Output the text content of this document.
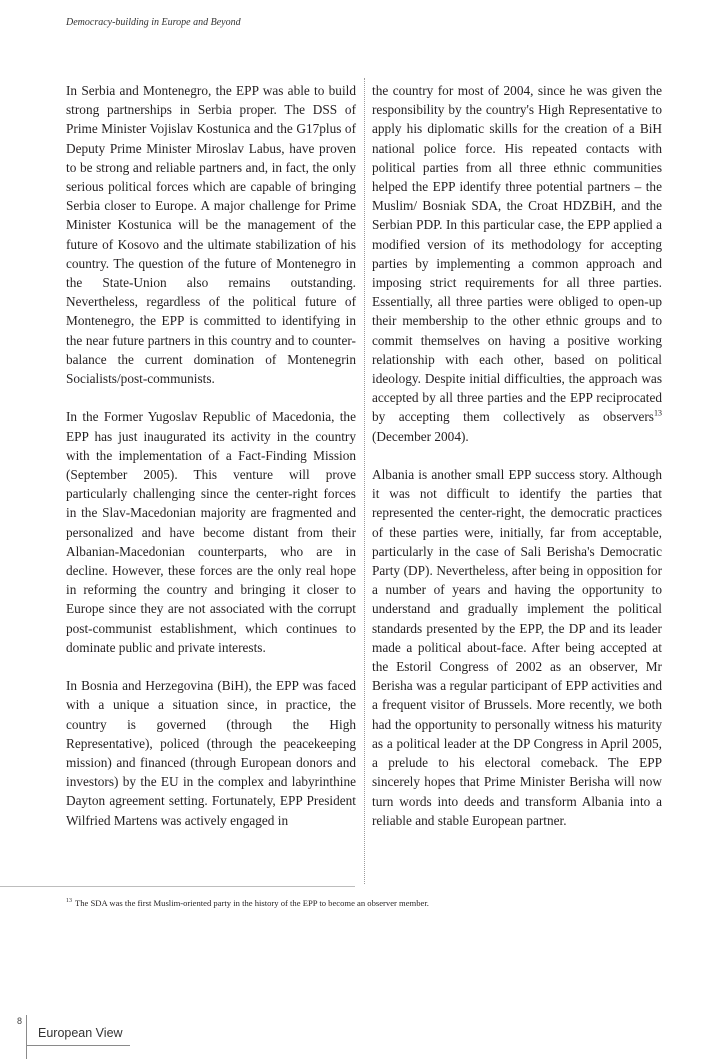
Democracy-building in Europe and Beyond

In Serbia and Montenegro, the EPP was able to build strong partnerships in Serbia proper. The DSS of Prime Minister Vojislav Kostunica and the G17plus of Deputy Prime Minister Miroslav Labus, have proven to be strong and reliable partners and, in fact, the only serious political forces which are capable of bringing Serbia closer to Europe. A major challenge for Prime Minister Kostunica will be the management of the future of Kosovo and the ultimate stabilization of his country. The question of the future of Montenegro in the State-Union also remains outstanding. Nevertheless, regardless of the political future of Montenegro, the EPP is committed to identifying in the near future partners in this country and to counter-balance the current domination of Montenegrin Socialists/post-communists.

In the Former Yugoslav Republic of Macedonia, the EPP has just inaugurated its activity in the country with the implementation of a Fact-Finding Mission (September 2005). This venture will prove particularly challenging since the center-right forces in the Slav-Macedonian majority are fragmented and personalized and have become distant from their Albanian-Macedonian counterparts, who are in decline. However, these forces are the only real hope in reforming the country and bringing it closer to Europe since they are not associated with the corrupt post-communist establishment, which continues to dominate public and private interests.

In Bosnia and Herzegovina (BiH), the EPP was faced with a unique a situation since, in practice, the country is governed (through the High Representative), policed (through the peacekeeping mission) and financed (through European donors and investors) by the EU in the complex and labyrinthine Dayton agreement setting. Fortunately, EPP President Wilfried Martens was actively engaged in

the country for most of 2004, since he was given the responsibility by the country's High Representative to apply his diplomatic skills for the creation of a BiH national police force. His repeated contacts with political parties from all three ethnic communities helped the EPP identify three potential partners – the Muslim/ Bosniak SDA, the Croat HDZBiH, and the Serbian PDP. In this particular case, the EPP applied a modified version of its methodology for accepting parties by implementing a common approach and imposing strict requirements for all three parties. Essentially, all three parties were obliged to open-up their membership to the other ethnic groups and to commit themselves on having a positive working relationship with each other, based on political ideology. Despite initial difficulties, the approach was accepted by all three parties and the EPP reciprocated by accepting them collectively as observers$^{13}$ (December 2004).

Albania is another small EPP success story. Although it was not difficult to identify the parties that represented the center-right, the democratic practices of these parties were, initially, far from acceptable, particularly in the case of Sali Berisha's Democratic Party (DP). Nevertheless, after being in opposition for a number of years and having the opportunity to understand and gradually implement the political standards presented by the EPP, the DP and its leader made a political about-face. After being accepted at the Estoril Congress of 2002 as an observer, Mr Berisha was a regular participant of EPP activities and a frequent visitor of Brussels. More recently, we both had the opportunity to personally witness his maturity as a political leader at the DP Congress in April 2005, a prelude to his electoral comeback. The EPP sincerely hopes that Prime Minister Berisha will now turn words into deeds and transform Albania into a reliable and stable European partner.

$^{13}$ The SDA was the first Muslim-oriented party in the history of the EPP to become an observer member.
8
European View
